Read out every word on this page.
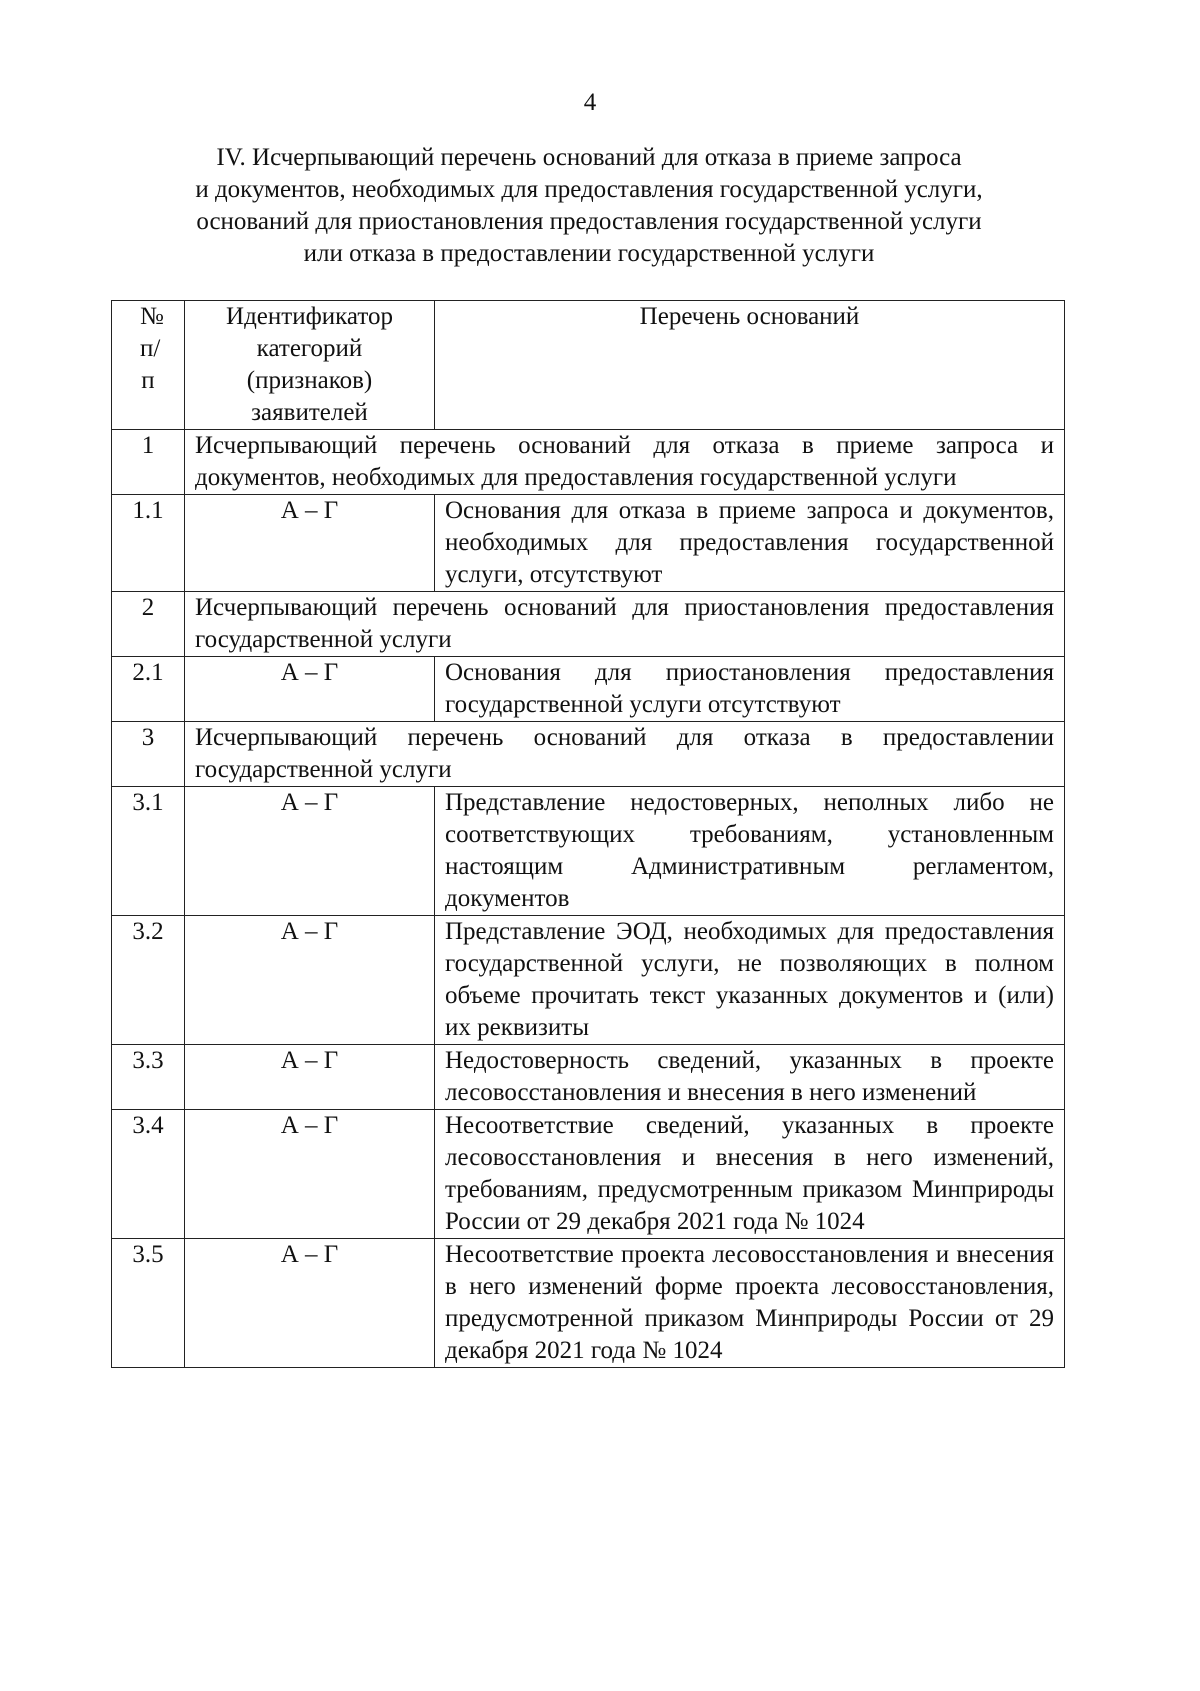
4
IV. Исчерпывающий перечень оснований для отказа в приеме запроса
и документов, необходимых для предоставления государственной услуги,
оснований для приостановления предоставления государственной услуги
или отказа в предоставлении государственной услуги
№ п/п	Идентификатор категорий (признаков) заявителей	Перечень оснований
1	Исчерпывающий перечень оснований для отказа в приеме запроса и документов, необходимых для предоставления государственной услуги	
1.1	А – Г	Основания для отказа в приеме запроса и документов, необходимых для предоставления государственной услуги, отсутствуют
2	Исчерпывающий перечень оснований для приостановления предоставления государственной услуги	
2.1	А – Г	Основания для приостановления предоставления государственной услуги отсутствуют
3	Исчерпывающий перечень оснований для отказа в предоставлении государственной услуги	
3.1	А – Г	Представление недостоверных, неполных либо не соответствующих требованиям, установленным настоящим Административным регламентом, документов
3.2	А – Г	Представление ЭОД, необходимых для предоставления государственной услуги, не позволяющих в полном объеме прочитать текст указанных документов и (или) их реквизиты
3.3	А – Г	Недостоверность сведений, указанных в проекте лесовосстановления и внесения в него изменений
3.4	А – Г	Несоответствие сведений, указанных в проекте лесовосстановления и внесения в него изменений, требованиям, предусмотренным приказом Минприроды России от 29 декабря 2021 года № 1024
3.5	А – Г	Несоответствие проекта лесовосстановления и внесения в него изменений форме проекта лесовосстановления, предусмотренной приказом Минприроды России от 29 декабря 2021 года № 1024
